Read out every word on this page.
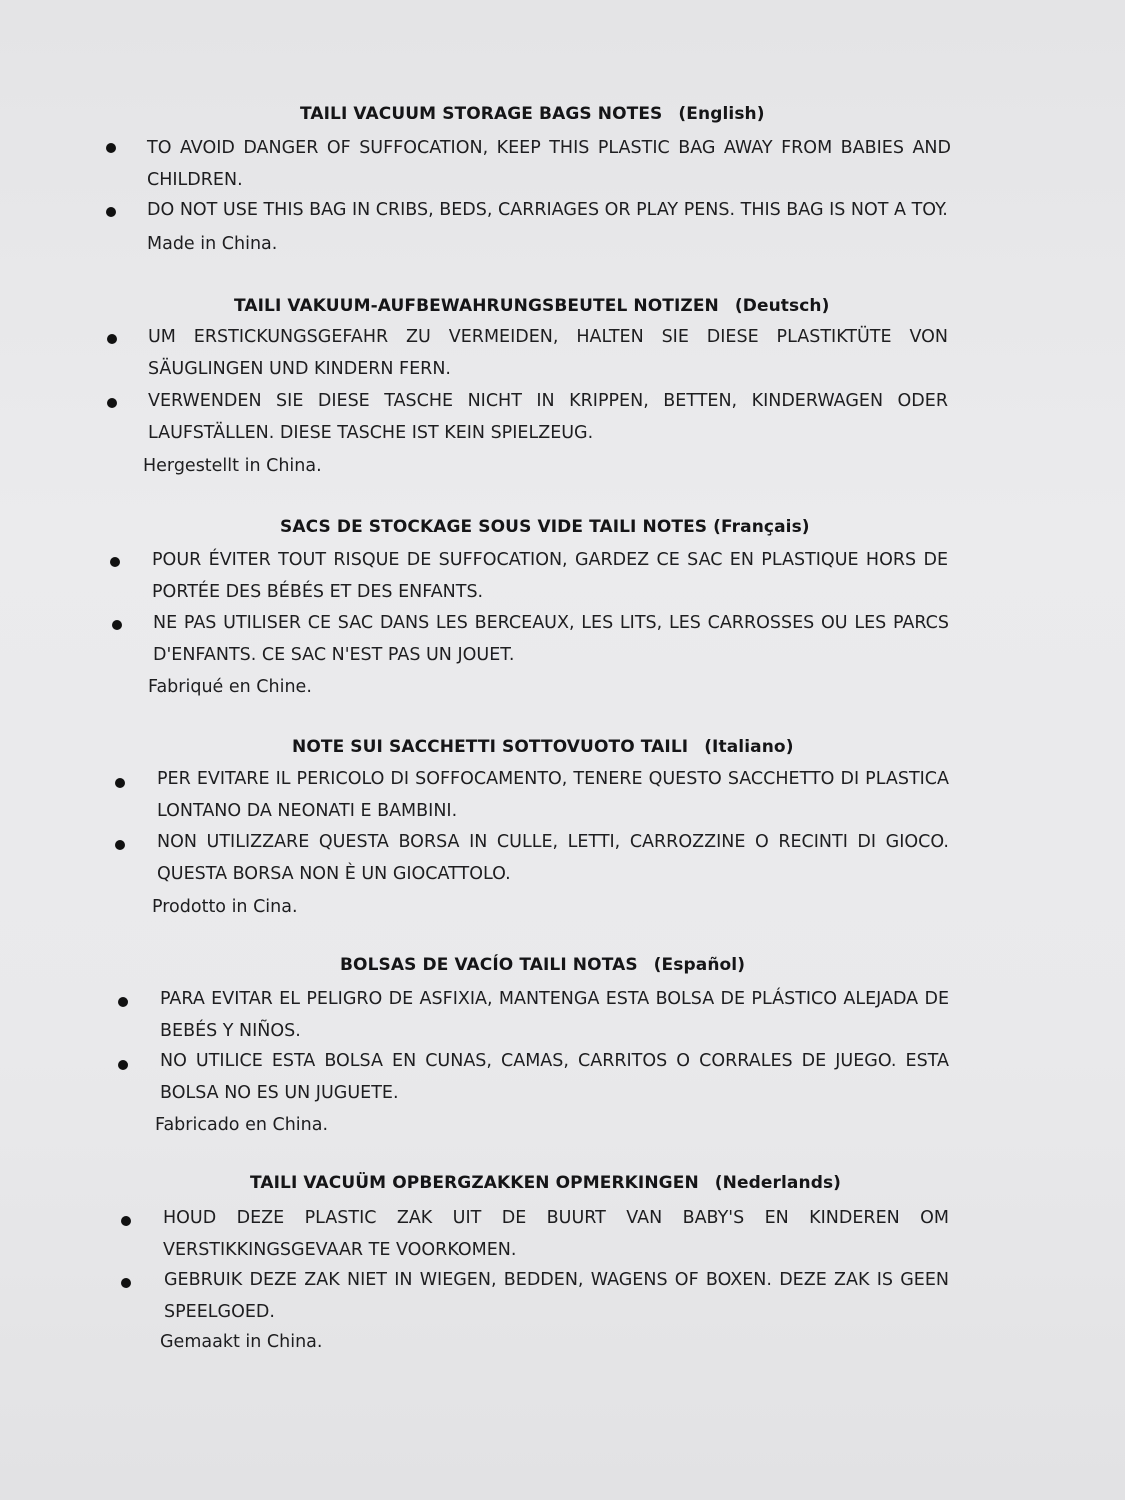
TAILI VACUUM STORAGE BAGS NOTES (English)
TO AVOID DANGER OF SUFFOCATION, KEEP THIS PLASTIC BAG AWAY FROM BABIES AND CHILDREN.
DO NOT USE THIS BAG IN CRIBS, BEDS, CARRIAGES OR PLAY PENS. THIS BAG IS NOT A TOY.
Made in China.
TAILI VAKUUM-AUFBEWAHRUNGSBEUTEL NOTIZEN (Deutsch)
UM ERSTICKUNGSGEFAHR ZU VERMEIDEN, HALTEN SIE DIESE PLASTIKTÜTE VON SÄUGLINGEN UND KINDERN FERN.
VERWENDEN SIE DIESE TASCHE NICHT IN KRIPPEN, BETTEN, KINDERWAGEN ODER LAUFSTÄLLEN. DIESE TASCHE IST KEIN SPIELZEUG.
Hergestellt in China.
SACS DE STOCKAGE SOUS VIDE TAILI NOTES (Français)
POUR ÉVITER TOUT RISQUE DE SUFFOCATION, GARDEZ CE SAC EN PLASTIQUE HORS DE PORTÉE DES BÉBÉS ET DES ENFANTS.
NE PAS UTILISER CE SAC DANS LES BERCEAUX, LES LITS, LES CARROSSES OU LES PARCS D'ENFANTS. CE SAC N'EST PAS UN JOUET.
Fabriqué en Chine.
NOTE SUI SACCHETTI SOTTOVUOTO TAILI (Italiano)
PER EVITARE IL PERICOLO DI SOFFOCAMENTO, TENERE QUESTO SACCHETTO DI PLASTICA LONTANO DA NEONATI E BAMBINI.
NON UTILIZZARE QUESTA BORSA IN CULLE, LETTI, CARROZZINE O RECINTI DI GIOCO. QUESTA BORSA NON È UN GIOCATTOLO.
Prodotto in Cina.
BOLSAS DE VACÍO TAILI NOTAS (Español)
PARA EVITAR EL PELIGRO DE ASFIXIA, MANTENGA ESTA BOLSA DE PLÁSTICO ALEJADA DE BEBÉS Y NIÑOS.
NO UTILICE ESTA BOLSA EN CUNAS, CAMAS, CARRITOS O CORRALES DE JUEGO. ESTA BOLSA NO ES UN JUGUETE.
Fabricado en China.
TAILI VACUÜM OPBERGZAKKEN OPMERKINGEN (Nederlands)
HOUD DEZE PLASTIC ZAK UIT DE BUURT VAN BABY'S EN KINDEREN OM VERSTIKKINGSGEVAAR TE VOORKOMEN.
GEBRUIK DEZE ZAK NIET IN WIEGEN, BEDDEN, WAGENS OF BOXEN. DEZE ZAK IS GEEN SPEELGOED.
Gemaakt in China.
